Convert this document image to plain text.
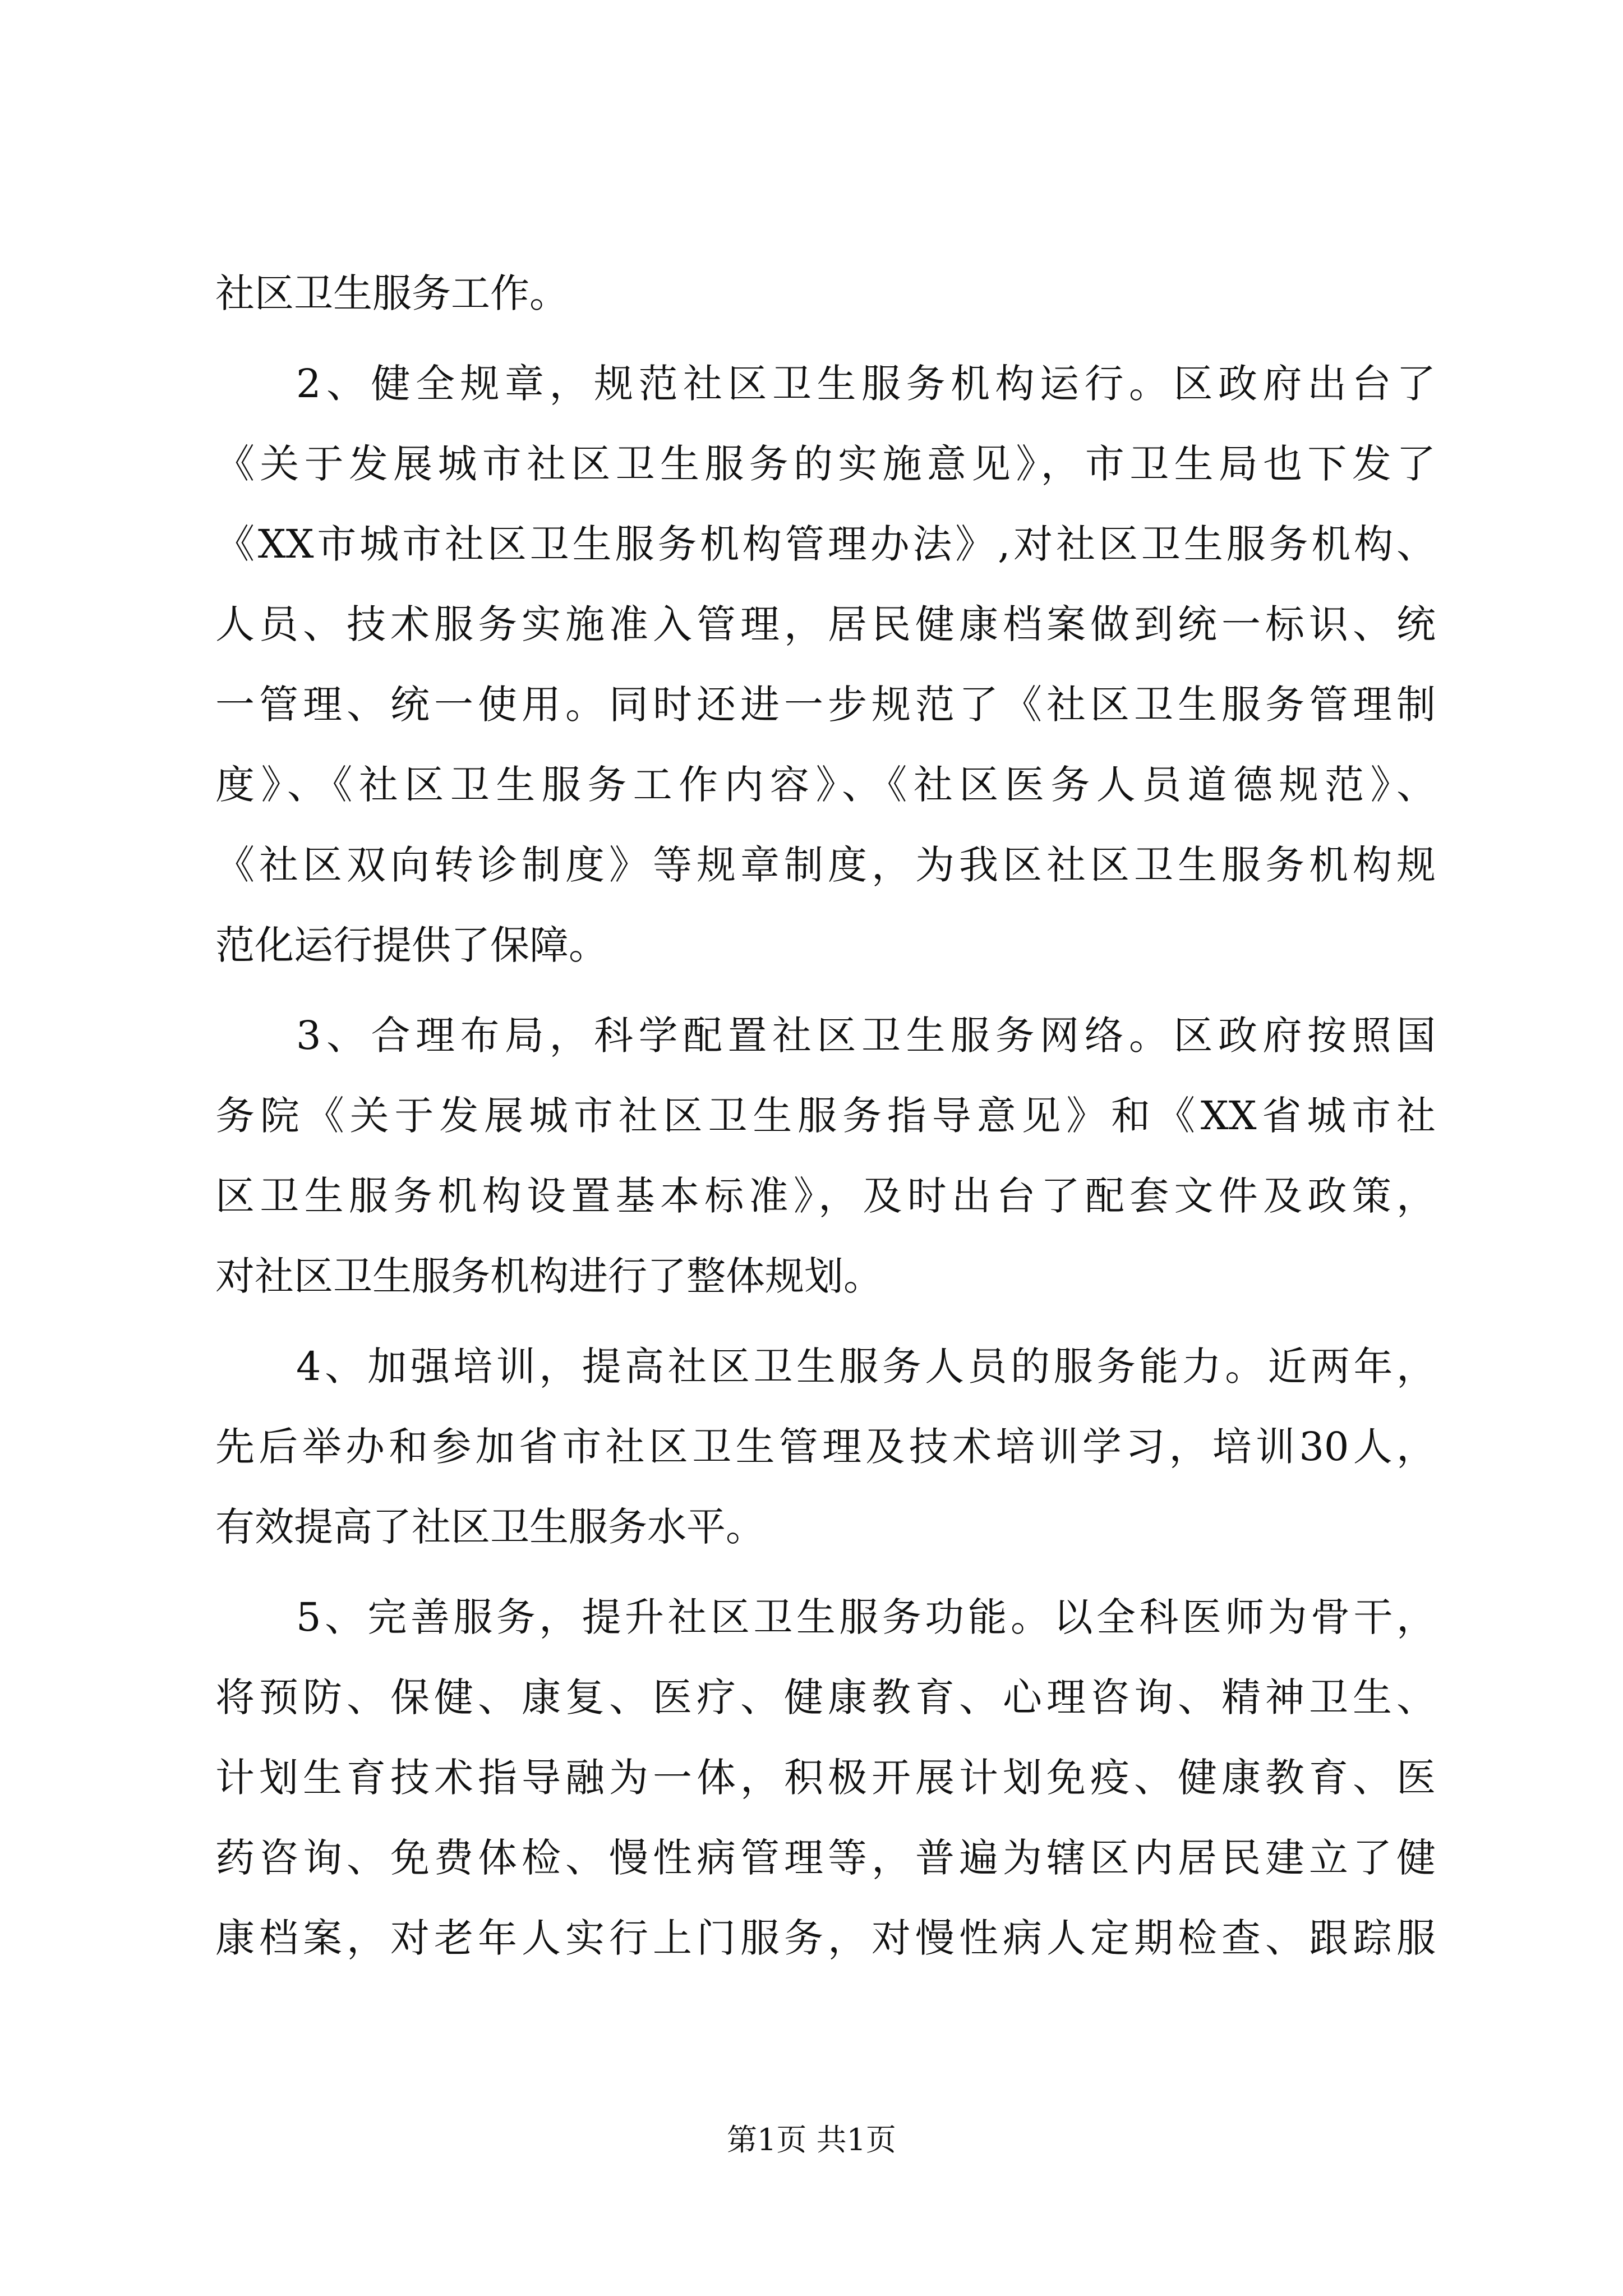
社区卫生服务工作。
2、健全规章，规范社区卫生服务机构运行。区政府出台了
《关于发展城市社区卫生服务的实施意见》，市卫生局也下发了
《XX市城市社区卫生服务机构管理办法》,对社区卫生服务机构、
人员、技术服务实施准入管理，居民健康档案做到统一标识、统
一管理、统一使用。同时还进一步规范了《社区卫生服务管理制
度》、《社区卫生服务工作内容》、《社区医务人员道德规范》、
《社区双向转诊制度》等规章制度，为我区社区卫生服务机构规
范化运行提供了保障。
3、合理布局，科学配置社区卫生服务网络。区政府按照国
务院《关于发展城市社区卫生服务指导意见》和《XX省城市社
区卫生服务机构设置基本标准》，及时出台了配套文件及政策，
对社区卫生服务机构进行了整体规划。
4、加强培训，提高社区卫生服务人员的服务能力。近两年，
先后举办和参加省市社区卫生管理及技术培训学习，培训30人，
有效提高了社区卫生服务水平。
5、完善服务，提升社区卫生服务功能。以全科医师为骨干，
将预防、保健、康复、医疗、健康教育、心理咨询、精神卫生、
计划生育技术指导融为一体，积极开展计划免疫、健康教育、医
药咨询、免费体检、慢性病管理等，普遍为辖区内居民建立了健
康档案，对老年人实行上门服务，对慢性病人定期检查、跟踪服
第1页 共1页
